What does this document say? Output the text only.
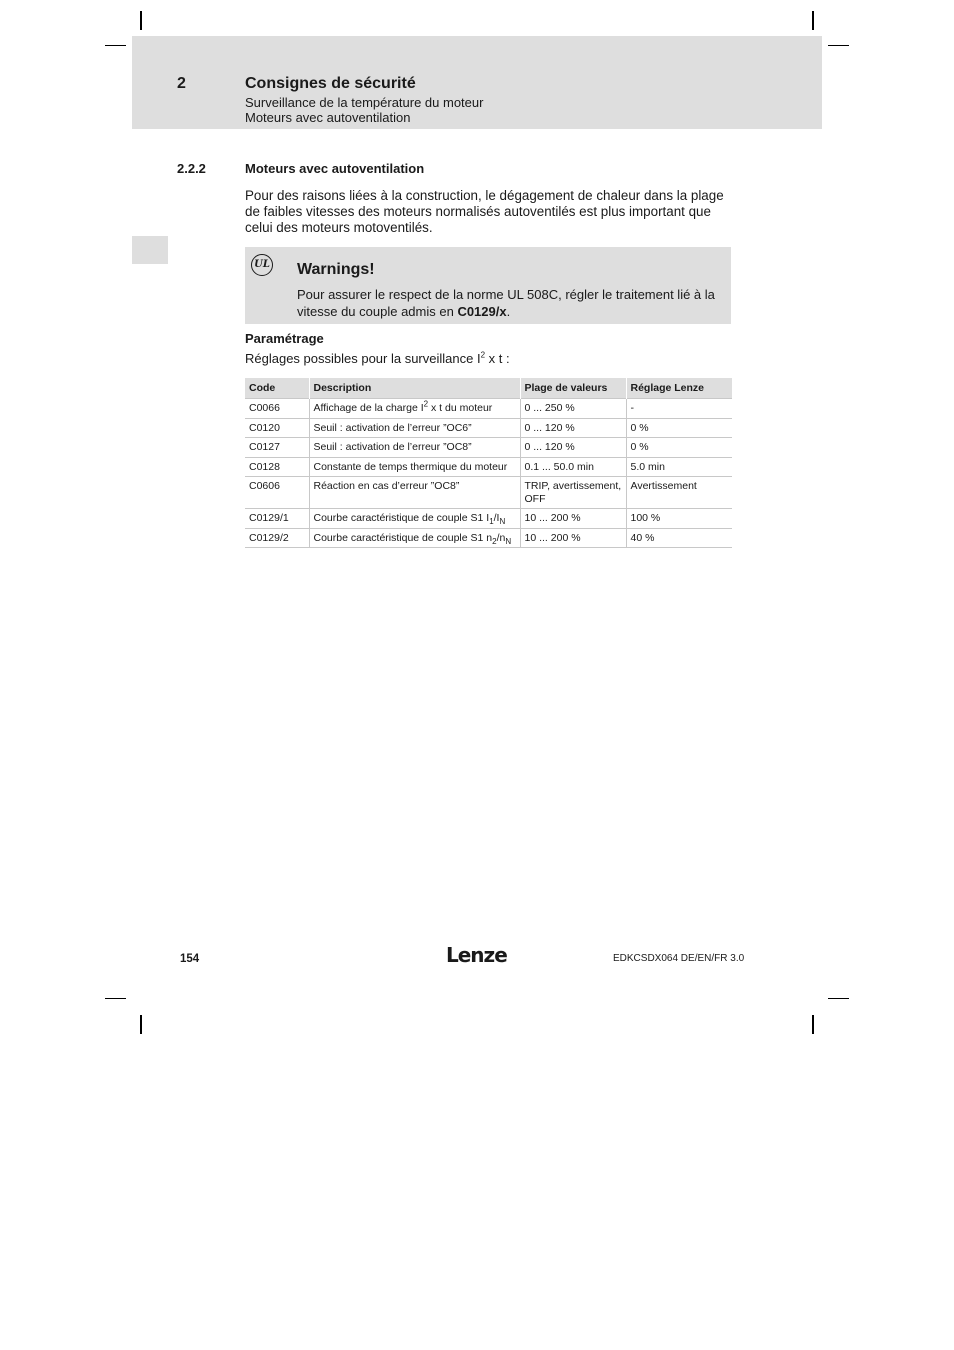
2	Consignes de sécurité
Surveillance de la température du moteur
Moteurs avec autoventilation
2.2.2	Moteurs avec autoventilation
Pour des raisons liées à la construction, le dégagement de chaleur dans la plage de faibles vitesses des moteurs normalisés autoventilés est plus important que celui des moteurs motoventilés.
UL Warnings!
Pour assurer le respect de la norme UL 508C, régler le traitement lié à la vitesse du couple admis en C0129/x.
Paramétrage
Réglages possibles pour la surveillance $I^2$ x t :
Code	Description	Plage de valeurs	Réglage Lenze
C0066	Affichage de la charge $I^2$ x t du moteur	0 ... 250 %	-
C0120	Seuil : activation de l’erreur ”OC6”	0 ... 120 %	0 %
C0127	Seuil : activation de l’erreur ”OC8”	0 ... 120 %	0 %
C0128	Constante de temps thermique du moteur	0.1 ... 50.0 min	5.0 min
C0606	Réaction en cas d’erreur ”OC8”	TRIP, avertissement, OFF	Avertissement
C0129/1	Courbe caractéristique de couple S1 $I_1/I_N$	10 ... 200 %	100 %
C0129/2	Courbe caractéristique de couple S1 $n_2/n_N$	10 ... 200 %	40 %
154	Lenze	EDKCSDX064 DE/EN/FR 3.0
